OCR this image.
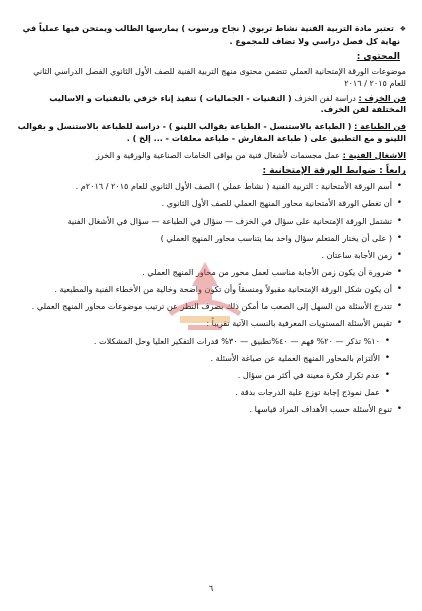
❖ تعتبر مادة التربية الفنية نشاط تربوي ( نجاح ورسوب ) يمارسها الطالب ويمتحن فيها عملياً في
نهاية كل فصل دراسي ولا تضاف للمجموع .

المحتوى :

موضوعات الورقة الإمتحانية العملي تتضمن محتوى منهج التربية الفنية للصف الأول الثانوي الفصل الدراسي الثاني للعام ٢٠١٥ / ٢٠١٦

فن الخزف : دراسة لفن الخزف ( التقنيات - الجماليات ) تنفيذ إناء خزفي بالتقنيات و الاساليب المختلفة لفن الخزف.

فن الطباعة : ( الطباعة بالاستنسل - الطباعة بقوالب اللينو ) - دراسة للطباعة بالاستنسل و بقوالب اللينو و مع التطبيق على ( طباعة المفارش - طباعة معلقات - ... إلخ ) .

الاشغال الفنية : عمل مجسمات لأشغال فنية من بواقى الخامات الصناعية والورقية و الخرز

رابعاً : ضوابط الورقة الإمتحانية :

• أسم الورقة الأمتحانية : التربية الفنية ( نشاط عملي ) الصف الأول الثانوي للعام ٢٠١٥ / ٢٠١٦م .
• أن تغطي الورقة الأمتحانية محاور المنهج العملي للصف الأول الثانوي .
• تشتمل الورقة الإمتحانية على سؤال في الخزف — سؤال في الطباعة — سؤال في الأشغال الفنية
• ( على أن يختار المتعلم سؤال واحد بما يتناسب محاور المنهج العملي )
• زمن الأجابة ساعتان .
• ضرورة أن يكون زمن الأجابة مناسب لعمل محور من محاور المنهج العملي .
• أن يكون شكل الورقة الإمتحانية مقبولاً ومنسقاً وأن تكون واضحة وخالية من الأخطاء الفنية والمطبعية .
• تتدرج الأسئلة من السهل إلى الصعب ما أمكن ذلك بصرف النظر عن ترتيب موضوعات محاور المنهج العملي .
• تقيس الأسئلة المستويات المعرفية بالنسب الآتية تقريباً :
• ١٠% تذكر — ٢٠% فهم — ٤٠%تطبيق — ٣٠% قدرات التفكير العليا وحل المشكلات .
• الألتزام بالمحاور المنهج العملية عن صياغة الأسئلة .
• عدم تكرار فكرة معينة في أكثر من سؤال .
• عمل نموذج إجابة توزع علية الدرجات بدقة .
• تنوع الأسئلة حسب الأهداف المراد قياسها .
٦
